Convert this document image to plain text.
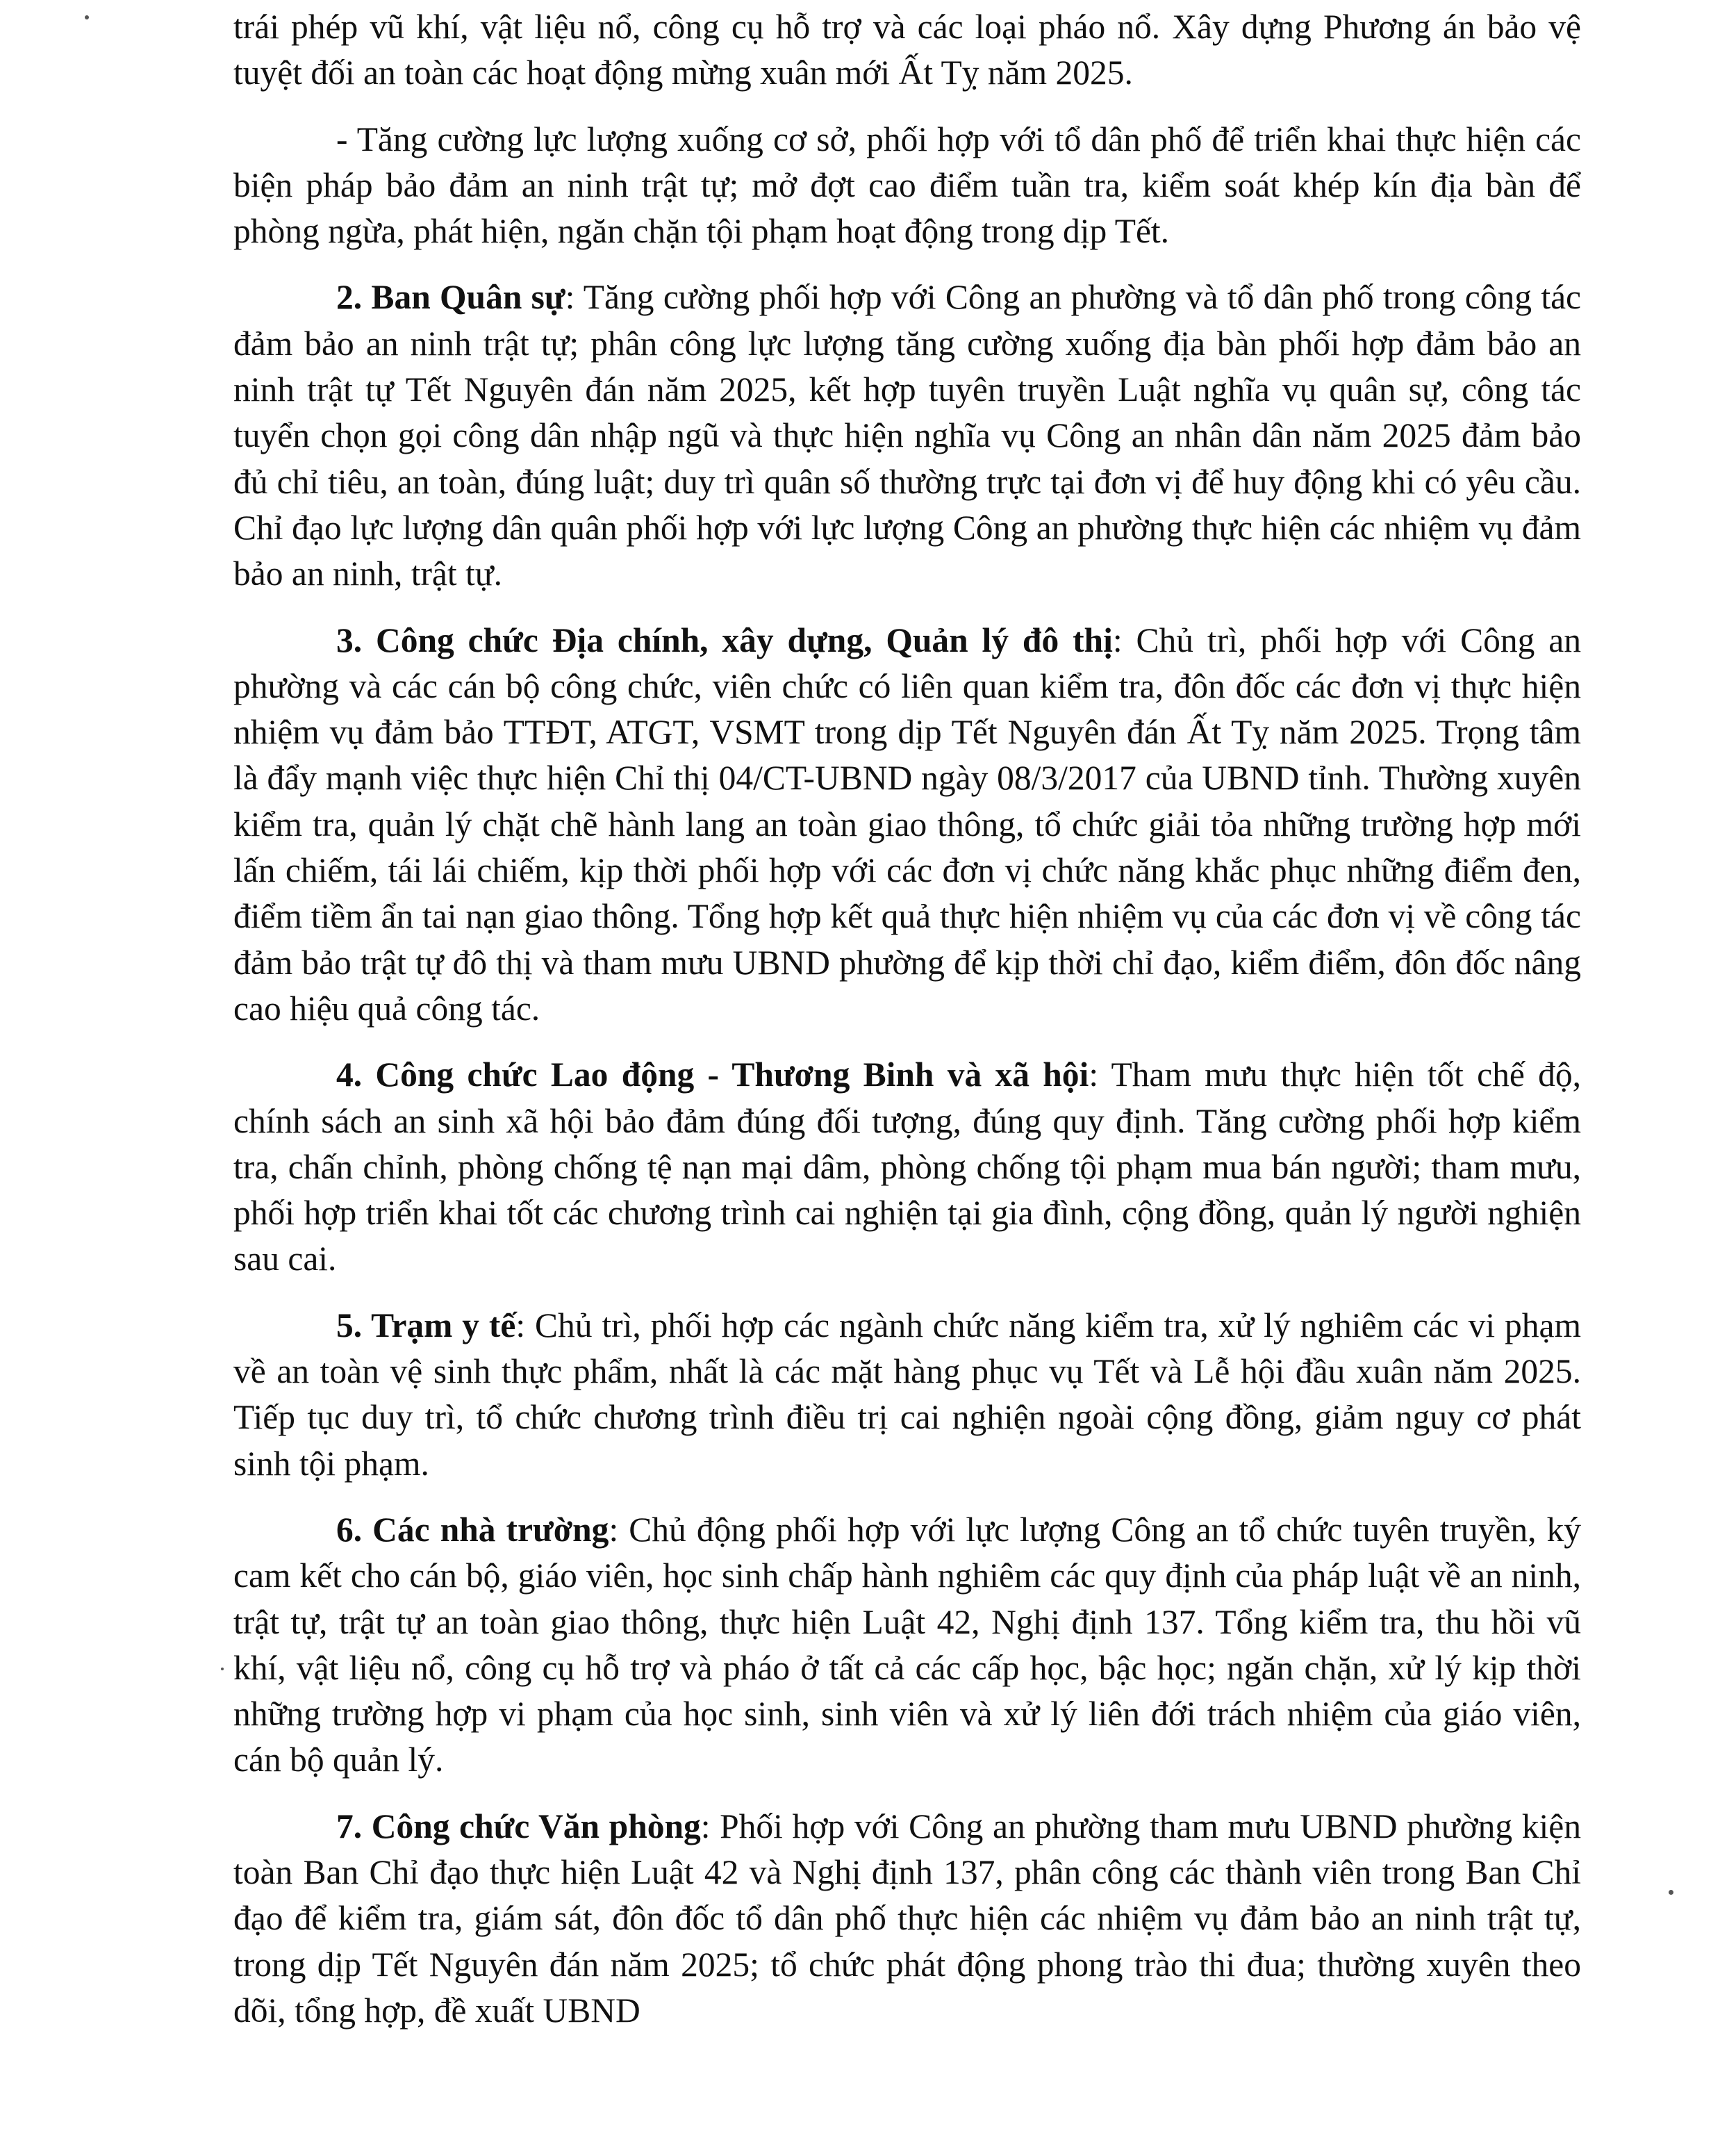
trái phép vũ khí, vật liệu nổ, công cụ hỗ trợ và các loại pháo nổ. Xây dựng Phương án bảo vệ tuyệt đối an toàn các hoạt động mừng xuân mới Ất Tỵ năm 2025.

- Tăng cường lực lượng xuống cơ sở, phối hợp với tổ dân phố để triển khai thực hiện các biện pháp bảo đảm an ninh trật tự; mở đợt cao điểm tuần tra, kiểm soát khép kín địa bàn để phòng ngừa, phát hiện, ngăn chặn tội phạm hoạt động trong dịp Tết.

2. Ban Quân sự: Tăng cường phối hợp với Công an phường và tổ dân phố trong công tác đảm bảo an ninh trật tự; phân công lực lượng tăng cường xuống địa bàn phối hợp đảm bảo an ninh trật tự Tết Nguyên đán năm 2025, kết hợp tuyên truyền Luật nghĩa vụ quân sự, công tác tuyển chọn gọi công dân nhập ngũ và thực hiện nghĩa vụ Công an nhân dân năm 2025 đảm bảo đủ chỉ tiêu, an toàn, đúng luật; duy trì quân số thường trực tại đơn vị để huy động khi có yêu cầu. Chỉ đạo lực lượng dân quân phối hợp với lực lượng Công an phường thực hiện các nhiệm vụ đảm bảo an ninh, trật tự.

3. Công chức Địa chính, xây dựng, Quản lý đô thị: Chủ trì, phối hợp với Công an phường và các cán bộ công chức, viên chức có liên quan kiểm tra, đôn đốc các đơn vị thực hiện nhiệm vụ đảm bảo TTĐT, ATGT, VSMT trong dịp Tết Nguyên đán Ất Tỵ năm 2025. Trọng tâm là đẩy mạnh việc thực hiện Chỉ thị 04/CT-UBND ngày 08/3/2017 của UBND tỉnh. Thường xuyên kiểm tra, quản lý chặt chẽ hành lang an toàn giao thông, tổ chức giải tỏa những trường hợp mới lấn chiếm, tái lái chiếm, kịp thời phối hợp với các đơn vị chức năng khắc phục những điểm đen, điểm tiềm ẩn tai nạn giao thông. Tổng hợp kết quả thực hiện nhiệm vụ của các đơn vị về công tác đảm bảo trật tự đô thị và tham mưu UBND phường để kịp thời chỉ đạo, kiểm điểm, đôn đốc nâng cao hiệu quả công tác.

4. Công chức Lao động - Thương Binh và xã hội: Tham mưu thực hiện tốt chế độ, chính sách an sinh xã hội bảo đảm đúng đối tượng, đúng quy định. Tăng cường phối hợp kiểm tra, chấn chỉnh, phòng chống tệ nạn mại dâm, phòng chống tội phạm mua bán người; tham mưu, phối hợp triển khai tốt các chương trình cai nghiện tại gia đình, cộng đồng, quản lý người nghiện sau cai.

5. Trạm y tế: Chủ trì, phối hợp các ngành chức năng kiểm tra, xử lý nghiêm các vi phạm về an toàn vệ sinh thực phẩm, nhất là các mặt hàng phục vụ Tết và Lễ hội đầu xuân năm 2025. Tiếp tục duy trì, tổ chức chương trình điều trị cai nghiện ngoài cộng đồng, giảm nguy cơ phát sinh tội phạm.

6. Các nhà trường: Chủ động phối hợp với lực lượng Công an tổ chức tuyên truyền, ký cam kết cho cán bộ, giáo viên, học sinh chấp hành nghiêm các quy định của pháp luật về an ninh, trật tự, trật tự an toàn giao thông, thực hiện Luật 42, Nghị định 137. Tổng kiểm tra, thu hồi vũ khí, vật liệu nổ, công cụ hỗ trợ và pháo ở tất cả các cấp học, bậc học; ngăn chặn, xử lý kịp thời những trường hợp vi phạm của học sinh, sinh viên và xử lý liên đới trách nhiệm của giáo viên, cán bộ quản lý.

7. Công chức Văn phòng: Phối hợp với Công an phường tham mưu UBND phường kiện toàn Ban Chỉ đạo thực hiện Luật 42 và Nghị định 137, phân công các thành viên trong Ban Chỉ đạo để kiểm tra, giám sát, đôn đốc tổ dân phố thực hiện các nhiệm vụ đảm bảo an ninh trật tự, trong dịp Tết Nguyên đán năm 2025; tổ chức phát động phong trào thi đua; thường xuyên theo dõi, tổng hợp, đề xuất UBND
